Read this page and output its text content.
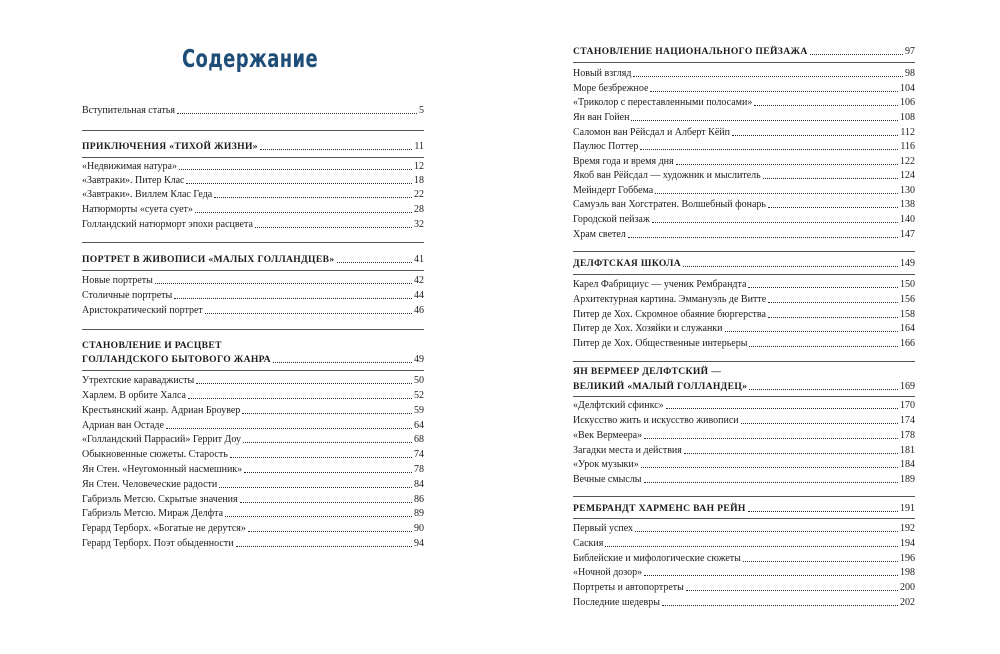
Содержание
Вступительная статья	5
ПРИКЛЮЧЕНИЯ «ТИХОЙ ЖИЗНИ»	11
«Недвижимая натура»	12
«Завтраки». Питер Клас	18
«Завтраки». Виллем Клас Геда	22
Натюрморты «суета сует»	28
Голландский натюрморт эпохи расцвета	32
ПОРТРЕТ В ЖИВОПИСИ «МАЛЫХ ГОЛЛАНДЦЕВ»	41
Новые портреты	42
Столичные портреты	44
Аристократический портрет	46
СТАНОВЛЕНИЕ И РАСЦВЕТ
ГОЛЛАНДСКОГО БЫТОВОГО ЖАНРА	49
Утрехтские караваджисты	50
Харлем. В орбите Халса	52
Крестьянский жанр. Адриан Броувер	59
Адриан ван Остаде	64
«Голландский Паррасий» Геррит Доу	68
Обыкновенные сюжеты. Старость	74
Ян Стен. «Неугомонный насмешник»	78
Ян Стен. Человеческие радости	84
Габриэль Метсю. Скрытые значения	86
Габриэль Метсю. Мираж Делфта	89
Герард Терборх. «Богатые не дерутся»	90
Герард Терборх. Поэт обыденности	94
СТАНОВЛЕНИЕ НАЦИОНАЛЬНОГО ПЕЙЗАЖА	97
Новый взгляд	98
Море безбрежное	104
«Триколор с переставленными полосами»	106
Ян ван Гойен	108
Саломон ван Рёйсдал и Алберт Кёйп	112
Паулюс Поттер	116
Время года и время дня	122
Якоб ван Рёйсдал — художник и мыслитель	124
Мейндерт Гоббема	130
Самуэль ван Хогстратен. Волшебный фонарь	138
Городской пейзаж	140
Храм светел	147
ДЕЛФТСКАЯ ШКОЛА	149
Карел Фабрициус — ученик Рембрандта	150
Архитектурная картина. Эммануэль де Витте	156
Питер де Хох. Скромное обаяние бюргерства	158
Питер де Хох. Хозяйки и служанки	164
Питер де Хох. Общественные интерьеры	166
ЯН ВЕРМЕЕР ДЕЛФТСКИЙ —
ВЕЛИКИЙ «МАЛЫЙ ГОЛЛАНДЕЦ»	169
«Делфтский сфинкс»	170
Искусство жить и искусство живописи	174
«Век Вермеера»	178
Загадки места и действия	181
«Урок музыки»	184
Вечные смыслы	189
РЕМБРАНДТ ХАРМЕНС ВАН РЕЙН	191
Первый успех	192
Саския	194
Библейские и мифологические сюжеты	196
«Ночной дозор»	198
Портреты и автопортреты	200
Последние шедевры	202
